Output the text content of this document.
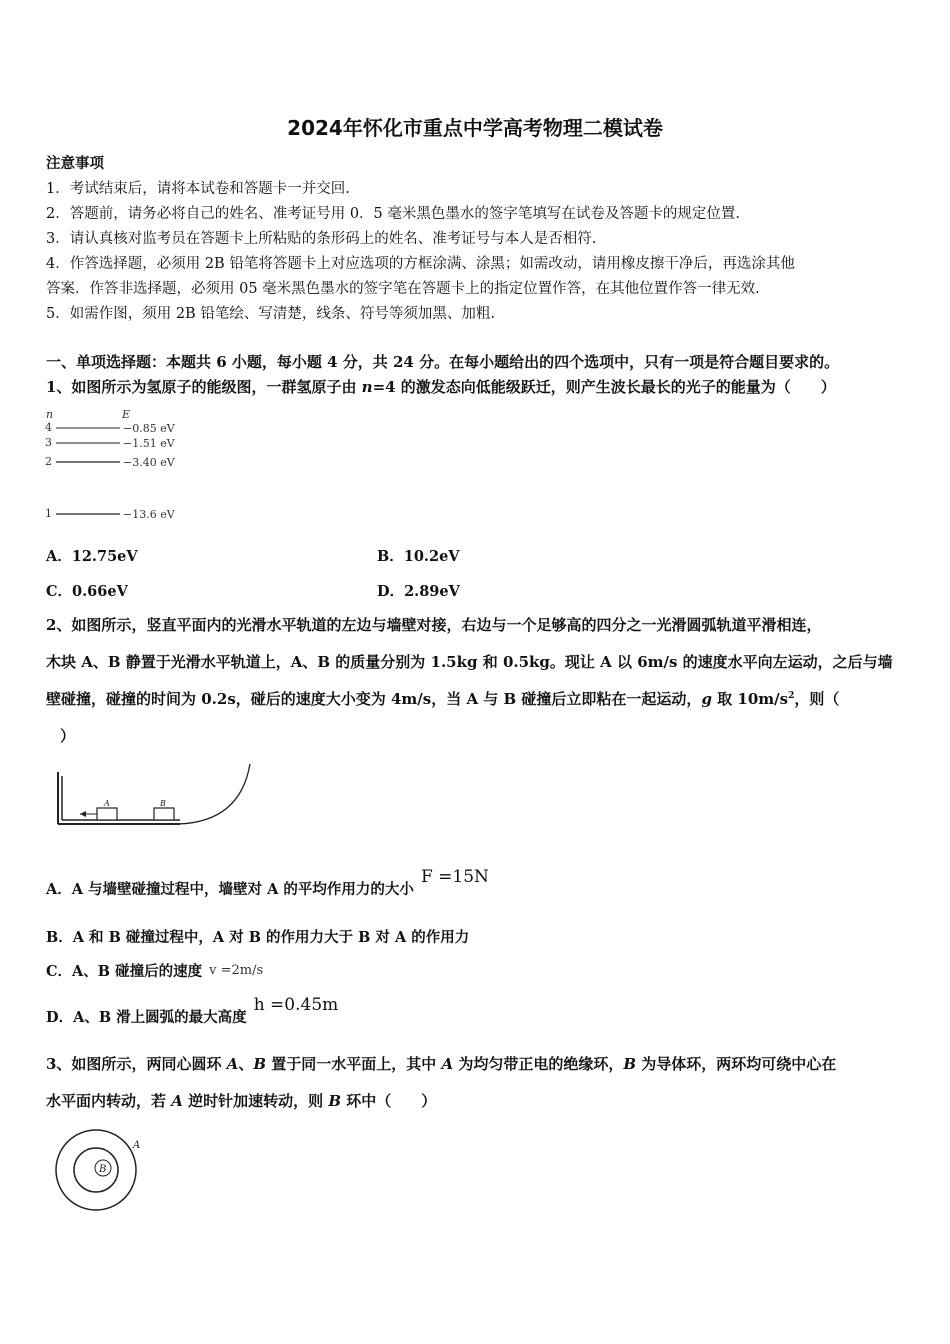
2024年怀化市重点中学高考物理二模试卷
注意事项
1．考试结束后，请将本试卷和答题卡一并交回.
2．答题前，请务必将自己的姓名、准考证号用 0．5 毫米黑色墨水的签字笔填写在试卷及答题卡的规定位置.
3．请认真核对监考员在答题卡上所粘贴的条形码上的姓名、准考证号与本人是否相符.
4．作答选择题，必须用 2B 铅笔将答题卡上对应选项的方框涂满、涂黑；如需改动，请用橡皮擦干净后，再选涂其他
答案．作答非选择题，必须用 05 毫米黑色墨水的签字笔在答题卡上的指定位置作答，在其他位置作答一律无效.
5．如需作图，须用 2B 铅笔绘、写清楚，线条、符号等须加黑、加粗.
一、单项选择题：本题共 6 小题，每小题 4 分，共 24 分。在每小题给出的四个选项中，只有一项是符合题目要求的。
1、如图所示为氢原子的能级图，一群氢原子由 n=4 的激发态向低能级跃迁，则产生波长最长的光子的能量为（　　）
n	E
4	−0.85 eV
3	−1.51 eV
2	−3.40 eV
1	−13.6 eV
A．12.75eV	B．10.2eV
C．0.66eV	D．2.89eV
2、如图所示，竖直平面内的光滑水平轨道的左边与墙壁对接，右边与一个足够高的四分之一光滑圆弧轨道平滑相连，
木块 A、B 静置于光滑水平轨道上，A、B 的质量分别为 1.5kg 和 0.5kg。现让 A 以 6m/s 的速度水平向左运动，之后与墙
壁碰撞，碰撞的时间为 0.2s，碰后的速度大小变为 4m/s，当 A 与 B 碰撞后立即粘在一起运动，g 取 $10m/s^2$，则（
）
A	B
A．A 与墙壁碰撞过程中，墙壁对 A 的平均作用力的大小 F =15N
B．A 和 B 碰撞过程中，A 对 B 的作用力大于 B 对 A 的作用力
C．A、B 碰撞后的速度 v =2m/s
D．A、B 滑上圆弧的最大高度 h =0.45m
3、如图所示，两同心圆环 A、B 置于同一水平面上，其中 A 为均匀带正电的绝缘环，B 为导体环，两环均可绕中心在
水平面内转动，若 A 逆时针加速转动，则 B 环中（　　）
B
A
